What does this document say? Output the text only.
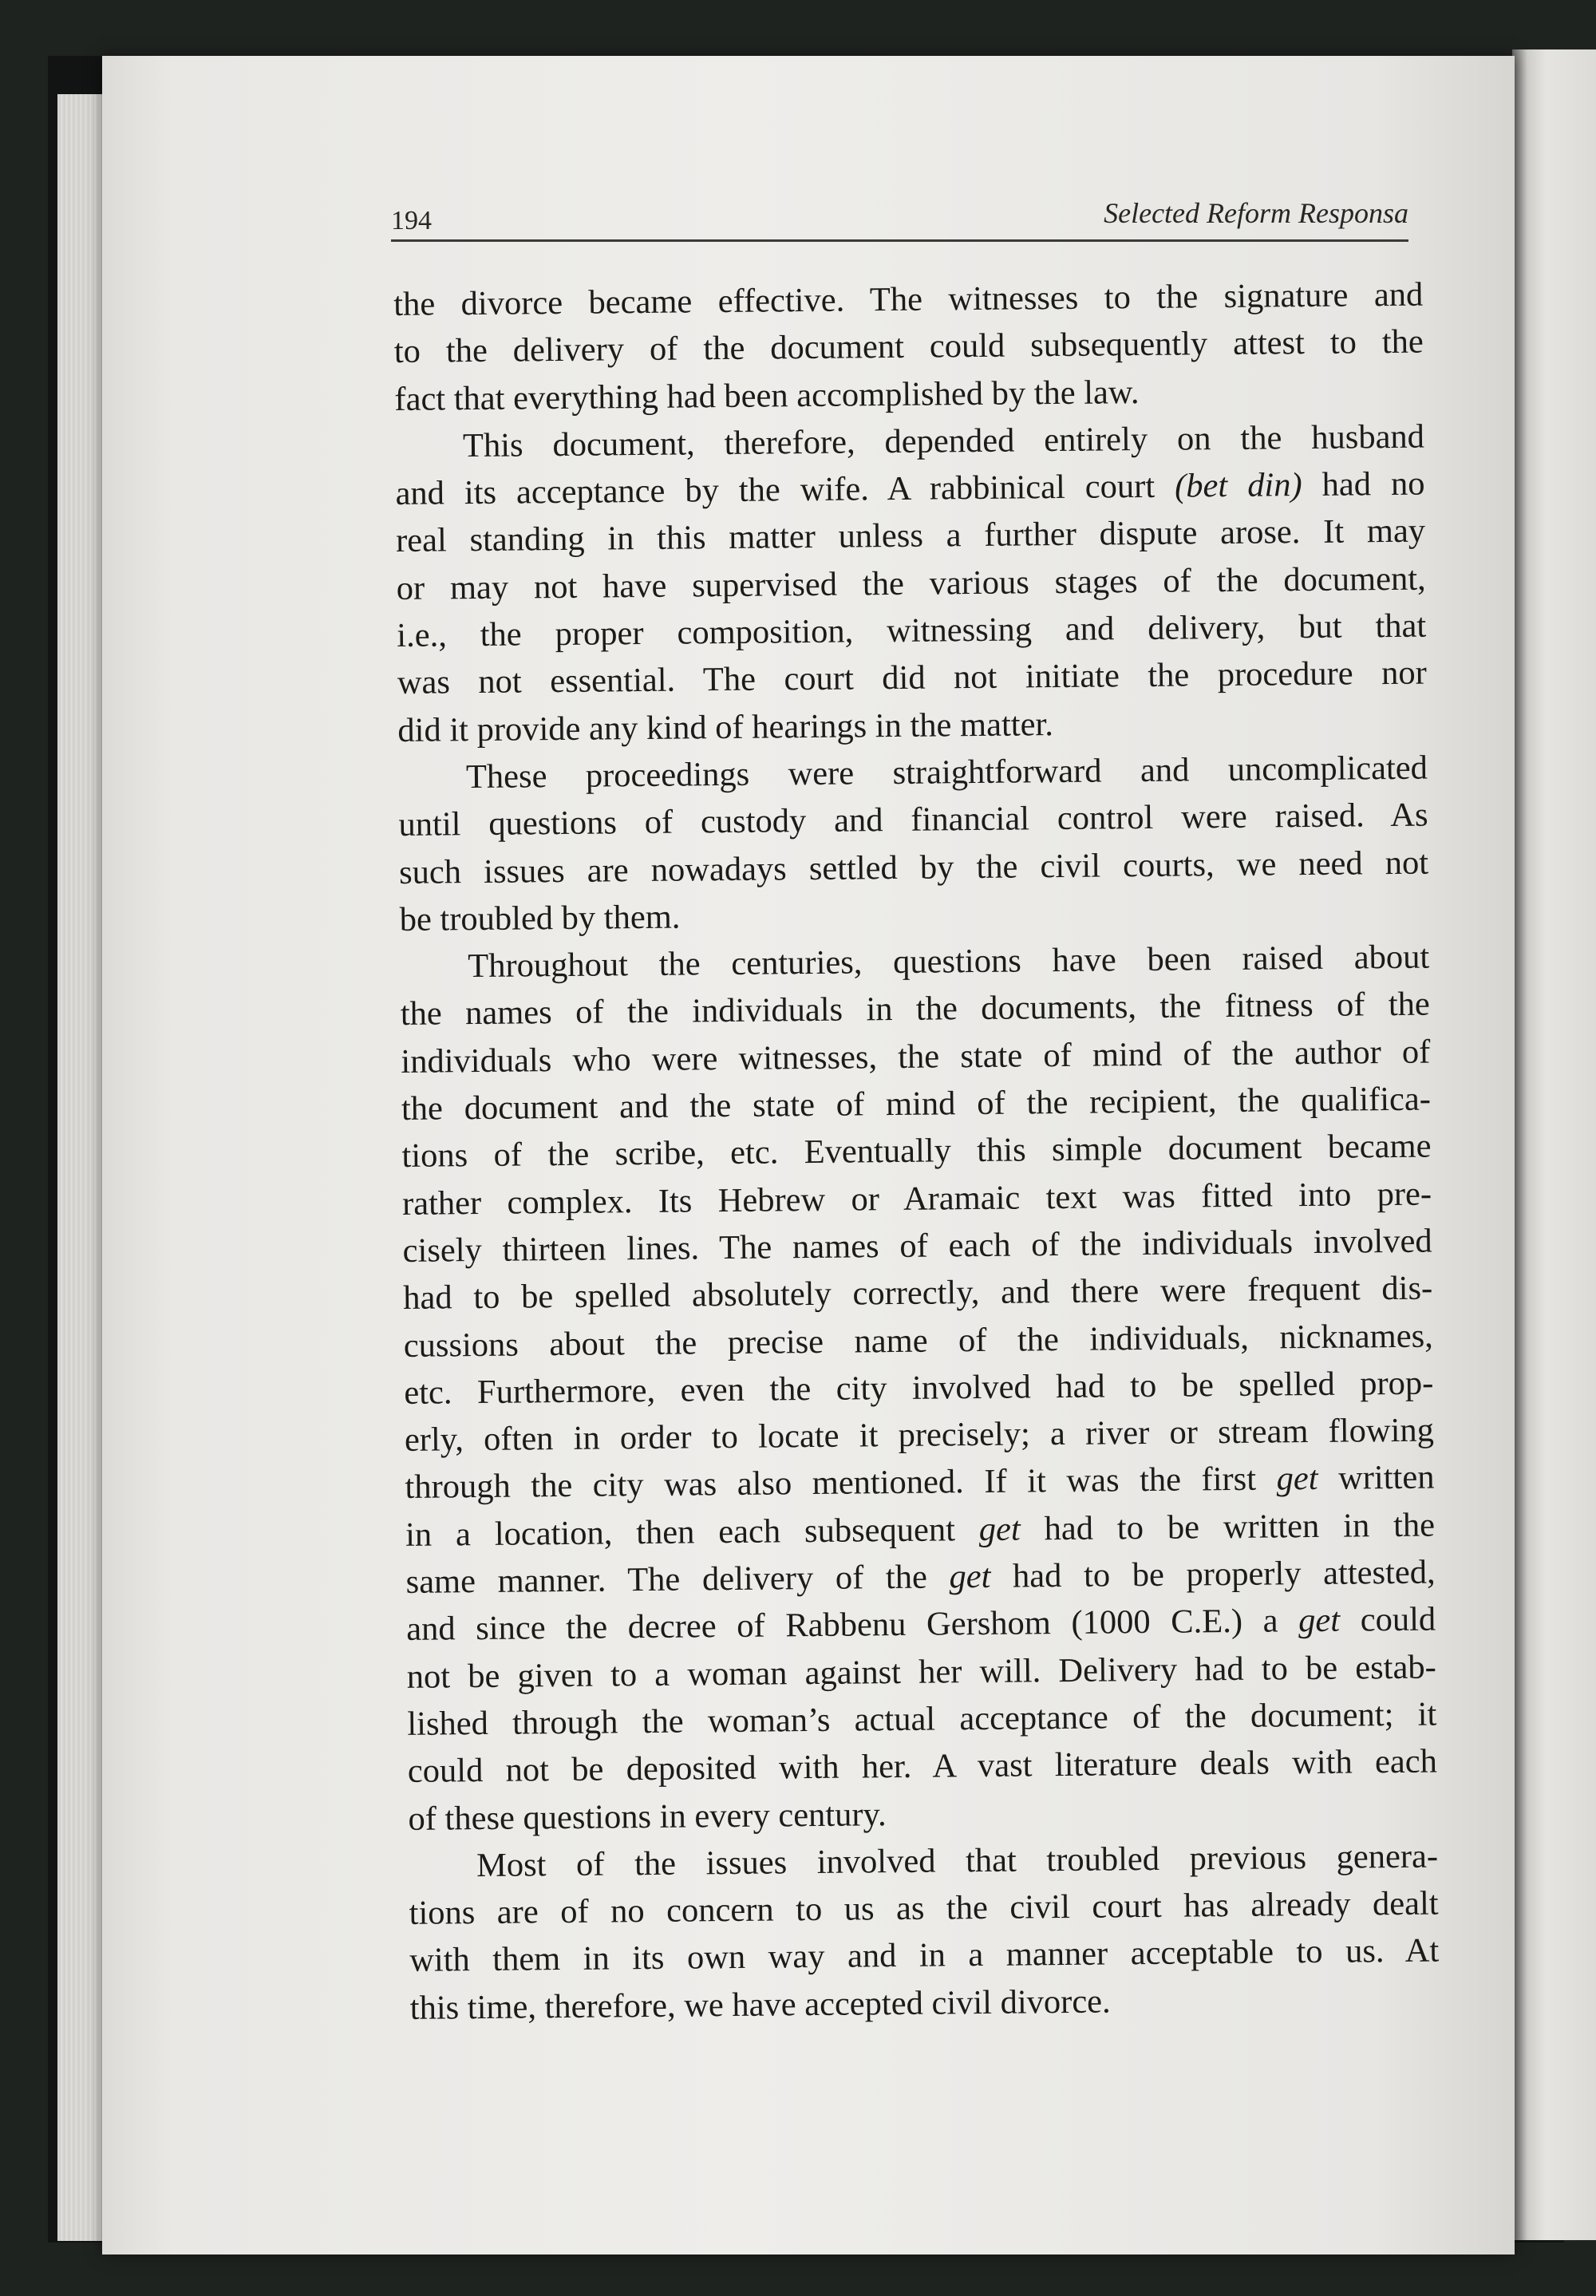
194	Selected Reform Responsa

the divorce became effective. The witnesses to the signature and
to the delivery of the document could subsequently attest to the
fact that everything had been accomplished by the law.

This document, therefore, depended entirely on the husband
and its acceptance by the wife. A rabbinical court (bet din) had no
real standing in this matter unless a further dispute arose. It may
or may not have supervised the various stages of the document,
i.e., the proper composition, witnessing and delivery, but that
was not essential. The court did not initiate the procedure nor
did it provide any kind of hearings in the matter.

These proceedings were straightforward and uncomplicated
until questions of custody and financial control were raised. As
such issues are nowadays settled by the civil courts, we need not
be troubled by them.

Throughout the centuries, questions have been raised about
the names of the individuals in the documents, the fitness of the
individuals who were witnesses, the state of mind of the author of
the document and the state of mind of the recipient, the qualifica-
tions of the scribe, etc. Eventually this simple document became
rather complex. Its Hebrew or Aramaic text was fitted into pre-
cisely thirteen lines. The names of each of the individuals involved
had to be spelled absolutely correctly, and there were frequent dis-
cussions about the precise name of the individuals, nicknames,
etc. Furthermore, even the city involved had to be spelled prop-
erly, often in order to locate it precisely; a river or stream flowing
through the city was also mentioned. If it was the first get written
in a location, then each subsequent get had to be written in the
same manner. The delivery of the get had to be properly attested,
and since the decree of Rabbenu Gershom (1000 C.E.) a get could
not be given to a woman against her will. Delivery had to be estab-
lished through the woman’s actual acceptance of the document; it
could not be deposited with her. A vast literature deals with each
of these questions in every century.

Most of the issues involved that troubled previous genera-
tions are of no concern to us as the civil court has already dealt
with them in its own way and in a manner acceptable to us. At
this time, therefore, we have accepted civil divorce.
